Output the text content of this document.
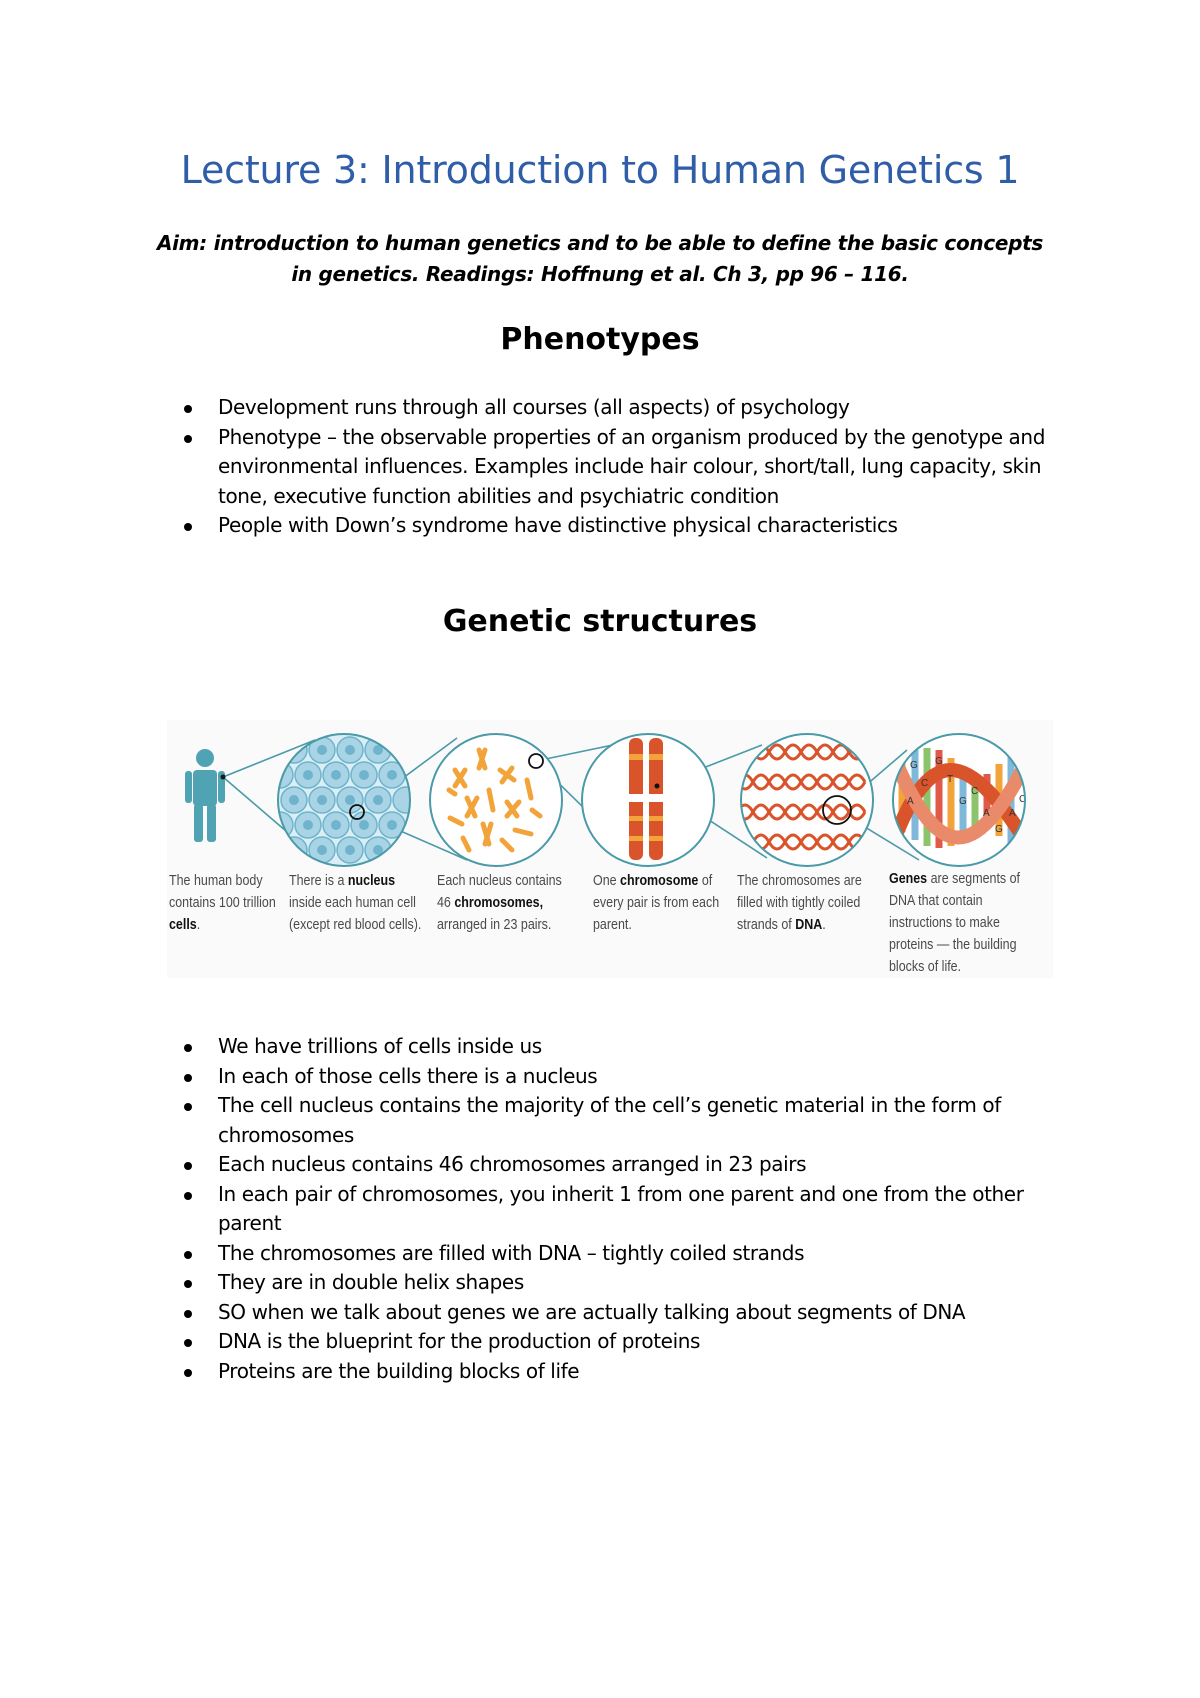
Lecture 3: Introduction to Human Genetics 1
Aim: introduction to human genetics and to be able to define the basic concepts in genetics. Readings: Hoffnung et al. Ch 3, pp 96 – 116.
Phenotypes
Development runs through all courses (all aspects) of psychology
Phenotype – the observable properties of an organism produced by the genotype and environmental influences. Examples include hair colour, short/tall, lung capacity, skin tone, executive function abilities and psychiatric condition
People with Down’s syndrome have distinctive physical characteristics
Genetic structures
G
C
A
G
T
G
C
A
G
A
C
The human body contains 100 trillion cells.
There is a nucleus inside each human cell (except red blood cells).
Each nucleus contains 46 chromosomes, arranged in 23 pairs.
One chromosome of every pair is from each parent.
The chromosomes are filled with tightly coiled strands of DNA.
Genes are segments of DNA that contain instructions to make proteins — the building blocks of life.
We have trillions of cells inside us
In each of those cells there is a nucleus
The cell nucleus contains the majority of the cell’s genetic material in the form of chromosomes
Each nucleus contains 46 chromosomes arranged in 23 pairs
In each pair of chromosomes, you inherit 1 from one parent and one from the other parent
The chromosomes are filled with DNA – tightly coiled strands
They are in double helix shapes
SO when we talk about genes we are actually talking about segments of DNA
DNA is the blueprint for the production of proteins
Proteins are the building blocks of life
